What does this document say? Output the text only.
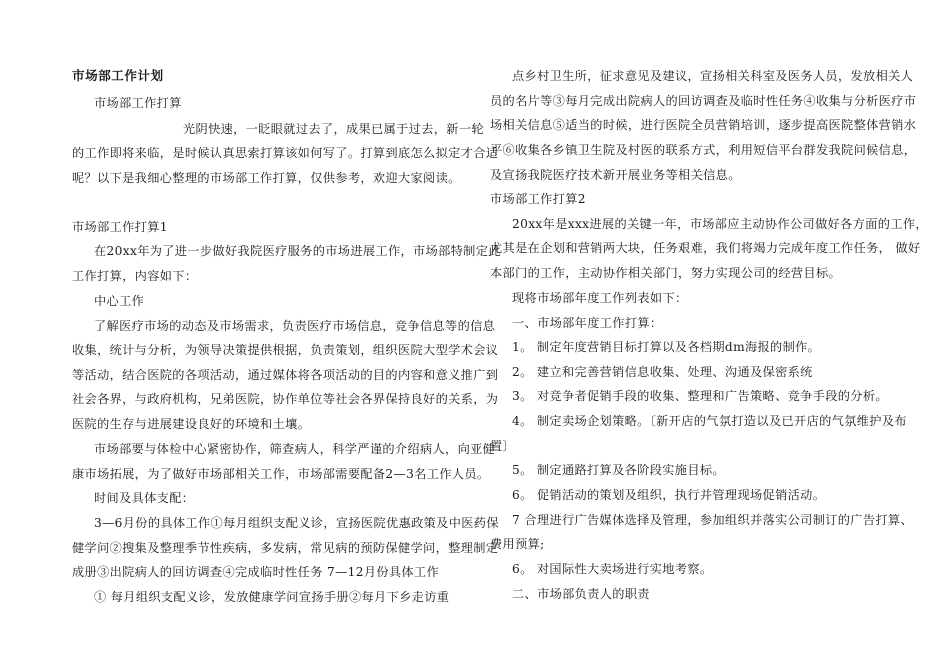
市场部工作计划
市场部工作打算
光阴快速，一眨眼就过去了，成果已属于过去，新一轮
的工作即将来临，是时候认真思索打算该如何写了。打算到底怎么拟定才合适
呢？以下是我细心整理的市场部工作打算，仅供参考，欢迎大家阅读。
市场部工作打算1
在20xx年为了进一步做好我院医疗服务的市场进展工作，市场部特制定此
工作打算，内容如下：
中心工作
了解医疗市场的动态及市场需求，负责医疗市场信息，竞争信息等的信息
收集，统计与分析，为领导决策提供根据，负责策划，组织医院大型学术会议
等活动，结合医院的各项活动，通过媒体将各项活动的目的内容和意义推广到
社会各界，与政府机构，兄弟医院，协作单位等社会各界保持良好的关系，为
医院的生存与进展建设良好的环境和土壤。
市场部要与体检中心紧密协作，筛查病人，科学严谨的介绍病人，向亚健
康市场拓展，为了做好市场部相关工作，市场部需要配备2—3名工作人员。
时间及具体支配：
3—6月份的具体工作①每月组织支配义诊，宣扬医院优惠政策及中医药保
健学问②搜集及整理季节性疾病，多发病，常见病的预防保健学问，整理制定
成册③出院病人的回访调查④完成临时性任务 7—12月份具体工作
① 每月组织支配义诊，发放健康学问宣扬手册②每月下乡走访重
点乡村卫生所，征求意见及建议，宣扬相关科室及医务人员，发放相关人
员的名片等③每月完成出院病人的回访调查及临时性任务④收集与分析医疗市
场相关信息⑤适当的时候，进行医院全员营销培训，逐步提高医院整体营销水
平⑥收集各乡镇卫生院及村医的联系方式，利用短信平台群发我院问候信息，
及宣扬我院医疗技术新开展业务等相关信息。
市场部工作打算2
20xx年是xxx进展的关键一年，市场部应主动协作公司做好各方面的工作，
尤其是在企划和营销两大块，任务艰难，我们将竭力完成年度工作任务， 做好
本部门的工作，主动协作相关部门，努力实现公司的经营目标。
现将市场部年度工作列表如下：
一、市场部年度工作打算：
1。 制定年度营销目标打算以及各档期dm海报的制作。
2。 建立和完善营销信息收集、处理、沟通及保密系统
3。 对竞争者促销手段的收集、整理和广告策略、竞争手段的分析。
4。 制定卖场企划策略。〔新开店的气氛打造以及已开店的气氛维护及布
置〕
5。 制定通路打算及各阶段实施目标。
6。 促销活动的策划及组织，执行并管理现场促销活动。
7 合理进行广告媒体选择及管理，参加组织并落实公司制订的广告打算、
费用预算;
6。 对国际性大卖场进行实地考察。
二、市场部负责人的职责
